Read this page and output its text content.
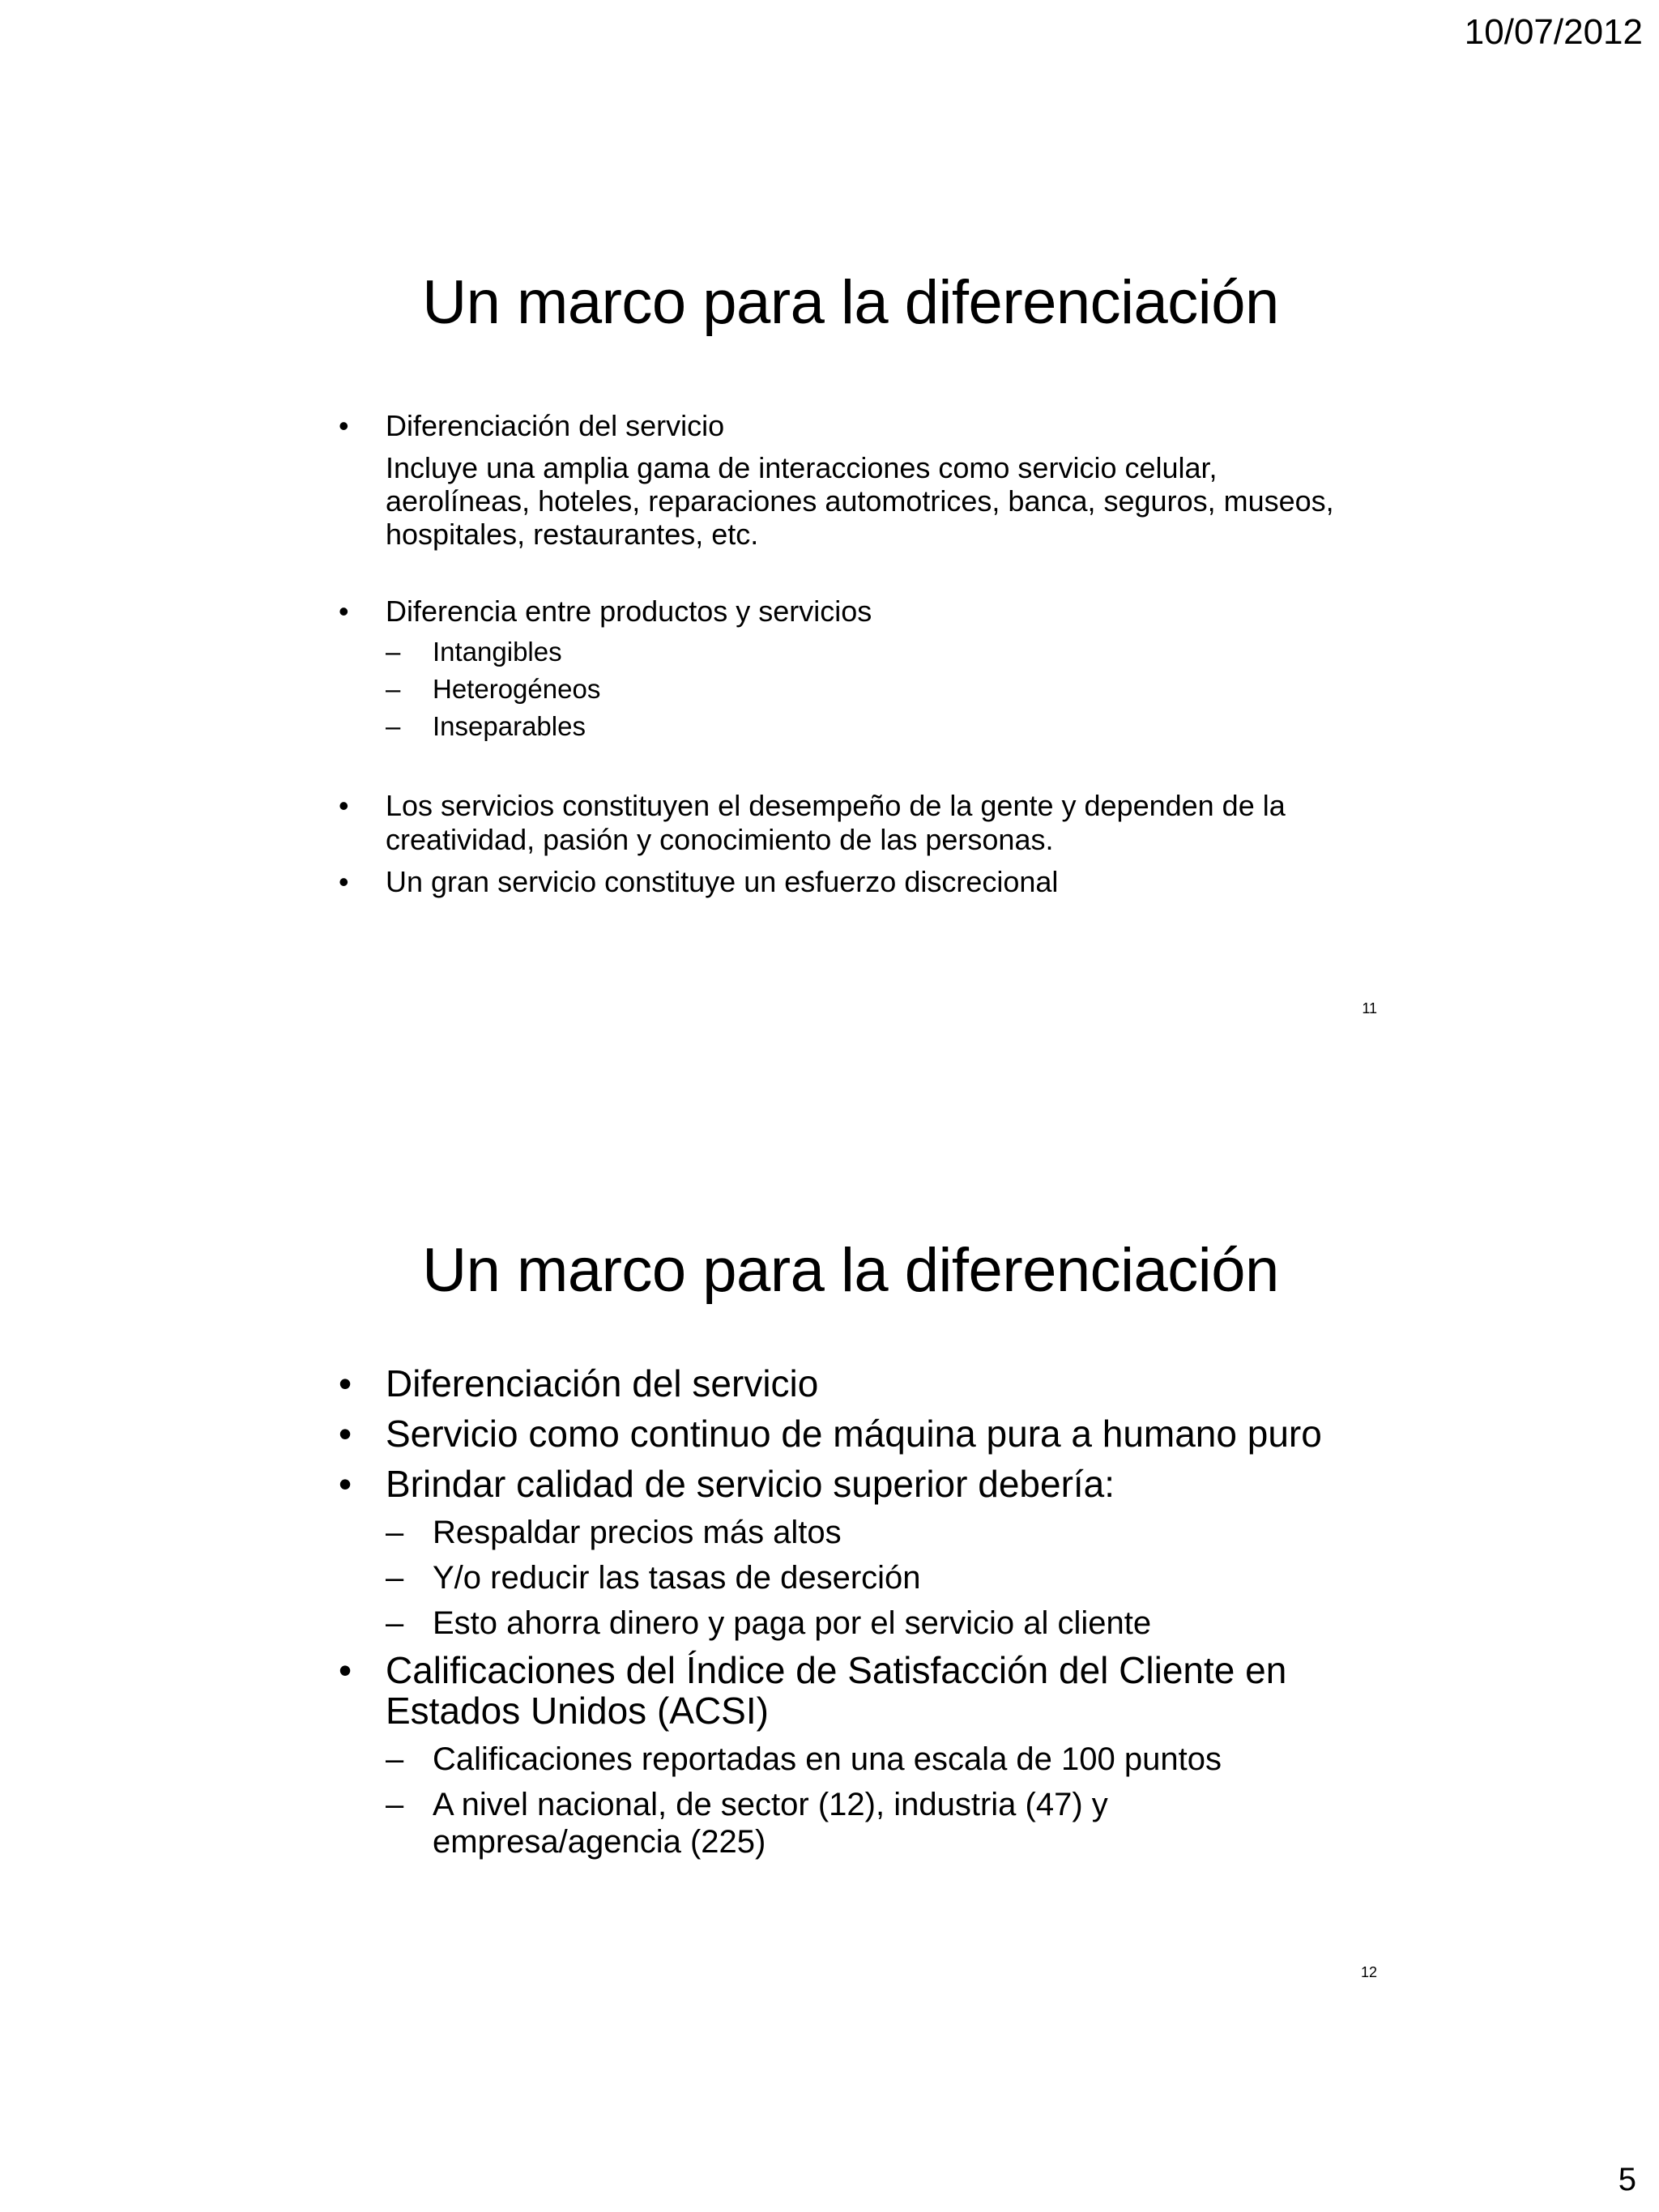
10/07/2012
Un marco para la diferenciación
• Diferenciación del servicio
Incluye una amplia gama de interacciones como servicio celular, aerolíneas, hoteles, reparaciones automotrices, banca, seguros, museos, hospitales, restaurantes, etc.
• Diferencia entre productos y servicios
– Intangibles
– Heterogéneos
– Inseparables
• Los servicios constituyen el desempeño de la gente y dependen de la creatividad, pasión y conocimiento de las personas.
• Un gran servicio constituye un esfuerzo discrecional
11
Un marco para la diferenciación
• Diferenciación del servicio
• Servicio como continuo de máquina pura a humano puro
• Brindar calidad de servicio superior debería:
– Respaldar precios más altos
– Y/o reducir las tasas de deserción
– Esto ahorra dinero y paga por el servicio al cliente
• Calificaciones del Índice de Satisfacción del Cliente en Estados Unidos (ACSI)
– Calificaciones reportadas en una escala de 100 puntos
– A nivel nacional, de sector (12), industria (47) y empresa/agencia (225)
12
5
